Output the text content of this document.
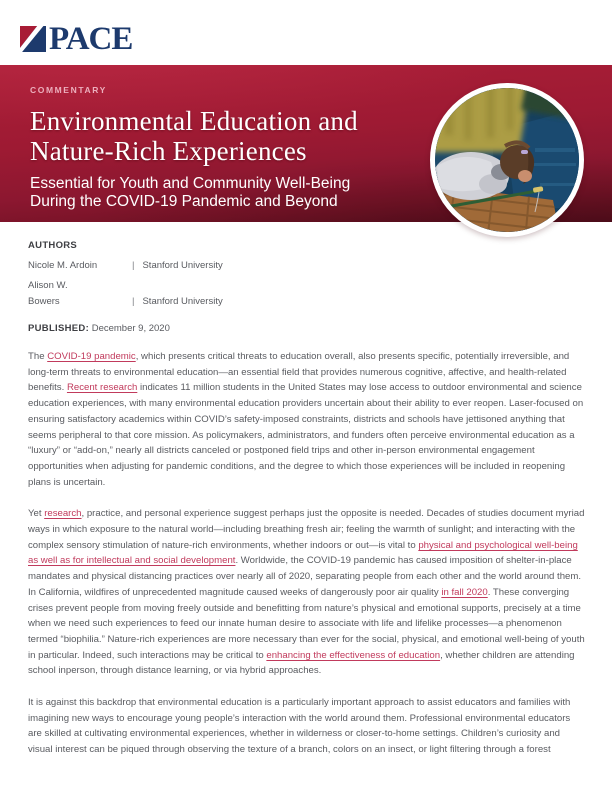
PACE
COMMENTARY
Environmental Education and
Nature-Rich Experiences
Essential for Youth and Community Well-Being
During the COVID-19 Pandemic and Beyond
AUTHORS
Nicole M. Ardoin	| Stanford University
Alison W.
Bowers	| Stanford University
PUBLISHED: December 9, 2020

The COVID-19 pandemic, which presents critical threats to education overall, also presents specific, potentially irreversible, and long-term threats to environmental education—an essential field that provides numerous cognitive, affective, and health-related benefits. Recent research indicates 11 million students in the United States may lose access to outdoor environmental and science education experiences, with many environmental education providers uncertain about their ability to ever reopen. Laser-focused on ensuring satisfactory academics within COVID’s safety-imposed constraints, districts and schools have jettisoned anything that seems peripheral to that core mission. As policymakers, administrators, and funders often perceive environmental education as a “luxury” or “add-on,” nearly all districts canceled or postponed field trips and other in-person environmental engagement opportunities when adjusting for pandemic conditions, and the degree to which those experiences will be included in reopening plans is uncertain.

Yet research, practice, and personal experience suggest perhaps just the opposite is needed. Decades of studies document myriad ways in which exposure to the natural world—including breathing fresh air; feeling the warmth of sunlight; and interacting with the complex sensory stimulation of nature-rich environments, whether indoors or out—is vital to physical and psychological well-being as well as for intellectual and social development. Worldwide, the COVID-19 pandemic has caused imposition of shelter-in-place mandates and physical distancing practices over nearly all of 2020, separating people from each other and the world around them. In California, wildfires of unprecedented magnitude caused weeks of dangerously poor air quality in fall 2020. These converging crises prevent people from moving freely outside and benefitting from nature’s physical and emotional supports, precisely at a time when we need such experiences to feed our innate human desire to associate with life and lifelike processes—a phenomenon termed “biophilia.” Nature-rich experiences are more necessary than ever for the social, physical, and emotional well-being of youth in particular. Indeed, such interactions may be critical to enhancing the effectiveness of education, whether children are attending school inperson, through distance learning, or via hybrid approaches.

It is against this backdrop that environmental education is a particularly important approach to assist educators and families with imagining new ways to encourage young people’s interaction with the world around them. Professional environmental educators are skilled at cultivating environmental experiences, whether in wilderness or closer-to-home settings. Children’s curiosity and visual interest can be piqued through observing the texture of a branch, colors on an insect, or light filtering through a forest
